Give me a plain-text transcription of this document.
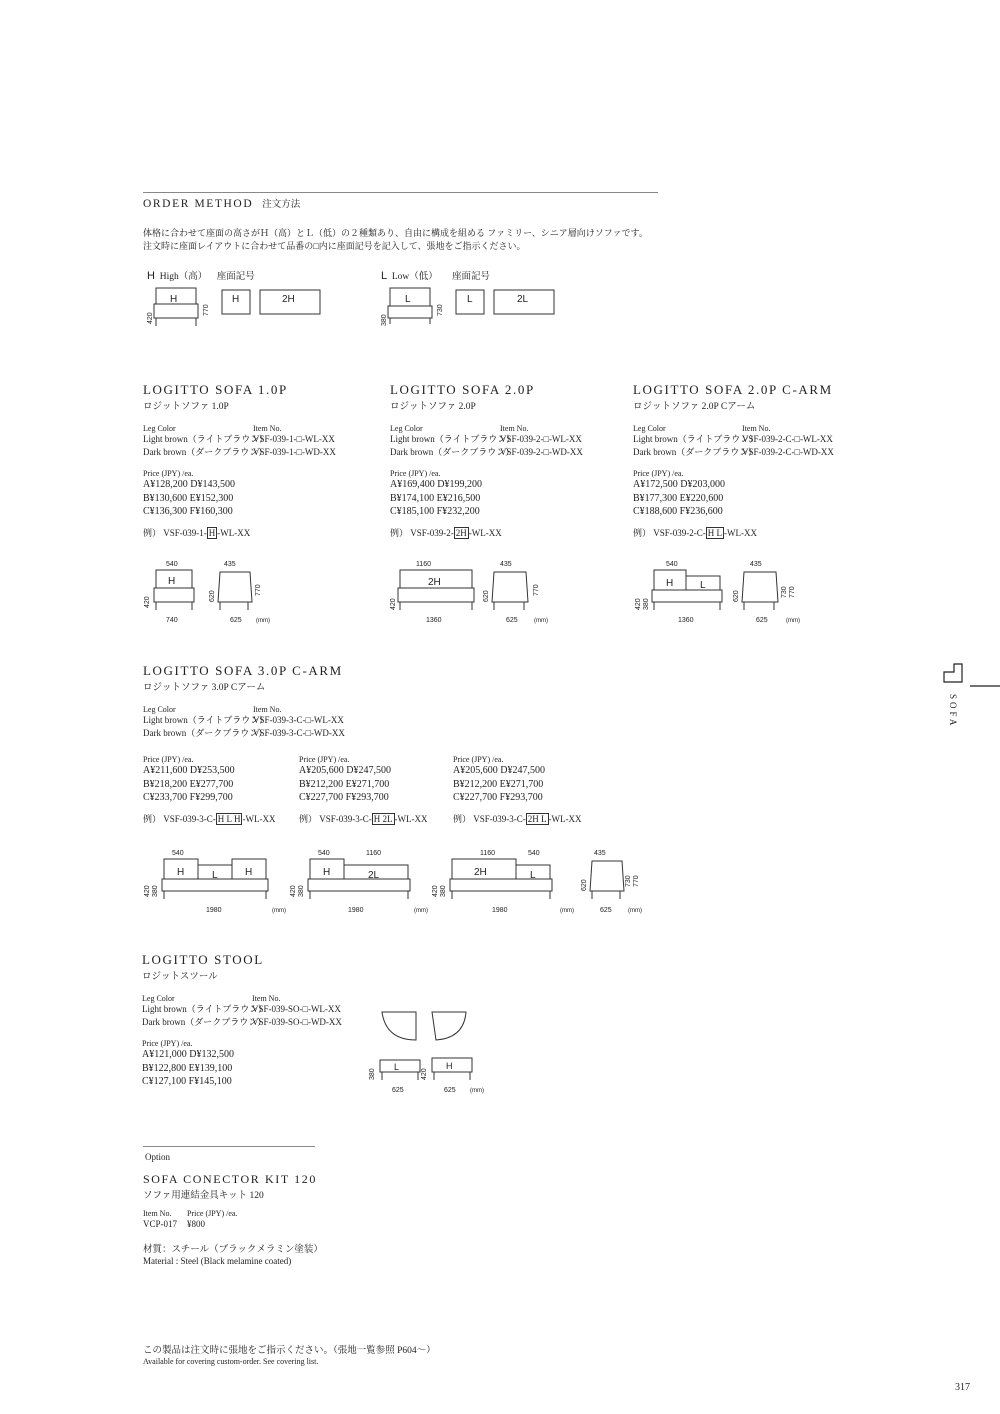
ORDER METHOD 注文方法
体格に合わせて座面の高さがＨ（高）とＬ（低）の２種類あり、自由に構成を組める ファミリー、シニア層向けソファです。
注文時に座面レイアウトに合わせて品番の□内に座面記号を記入して、張地をご指示ください。
H High（高） 座面記号	L Low（低） 座面記号
H
420
770
H	2H	L
380
730
L	2L
LOGITTO SOFA 1.0P
ロジットソファ 1.0P
Leg Color	Item No.
Light brown（ライトブラウン）VSF-039-1-□-WL-XX
Dark brown（ダークブラウン）VSF-039-1-□-WD-XX
Price (JPY) /ea.
A¥128,200 D¥143,500
B¥130,600 E¥152,300
C¥136,300 F¥160,300
例） VSF-039-1- H -WL-XX
540
H
420
740
435
620
770
625 (mm)
LOGITTO SOFA 2.0P
ロジットソファ 2.0P
Leg Color	Item No.
Light brown（ライトブラウン）VSF-039-2-□-WL-XX
Dark brown（ダークブラウン）VSF-039-2-□-WD-XX
Price (JPY) /ea.
A¥169,400 D¥199,200
B¥174,100 E¥216,500
C¥185,100 F¥232,200
例） VSF-039-2- 2H -WL-XX
1160
2H
420
1360
435
620
770
625	(mm)
LOGITTO SOFA 2.0P C-ARM
ロジットソファ 2.0P Cアーム
Leg Color	Item No.
Light brown（ライトブラウン）VSF-039-2-C-□-WL-XX
Dark brown（ダークブラウン）VSF-039-2-C-□-WD-XX
Price (JPY) /ea.
A¥172,500 D¥203,000
B¥177,300 E¥220,600
C¥188,600 F¥236,600
例） VSF-039-2-C- H L -WL-XX
540
H	L
420 380
1360
435
620	730 770
625	(mm)
LOGITTO SOFA 3.0P C-ARM
ロジットソファ 3.0P Cアーム
Leg Color	Item No.
Light brown（ライトブラウン）VSF-039-3-C-□-WL-XX
Dark brown（ダークブラウン）VSF-039-3-C-□-WD-XX
Price (JPY) /ea.
A¥211,600 D¥253,500
B¥218,200 E¥277,700
C¥233,700 F¥299,700
例） VSF-039-3-C- H L H -WL-XX
Price (JPY) /ea.
A¥205,600 D¥247,500
B¥212,200 E¥271,700
C¥227,700 F¥293,700
例） VSF-039-3-C- H 2L -WL-XX
Price (JPY) /ea.
A¥205,600 D¥247,500
B¥212,200 E¥271,700
C¥227,700 F¥293,700
例） VSF-039-3-C- 2H L -WL-XX
540
H	L	H
420 380
1980	(mm)
540	1160
H	2L
420 380
1980	(mm)
1160	540
2H	L
420 380
1980	(mm)
435
620	730 770
625	(mm)
LOGITTO STOOL
ロジットスツール
Leg Color	Item No.
Light brown（ライトブラウン）VSF-039-SO-□-WL-XX
Dark brown（ダークブラウン）VSF-039-SO-□-WD-XX
Price (JPY) /ea.
A¥121,000 D¥132,500
B¥122,800 E¥139,100
C¥127,100 F¥145,100
L
380
625
H
420
625 (mm)
Option
SOFA CONECTOR KIT 120
ソファ用連結金具キット 120
Item No. Price (JPY) /ea.
VCP-017 ¥800
材質：スチール（ブラックメラミン塗装）
Material : Steel (Black melamine coated)
この製品は注文時に張地をご指示ください。（張地一覧参照 P604～）
Available for covering custom-order. See covering list.
317
SOFA
